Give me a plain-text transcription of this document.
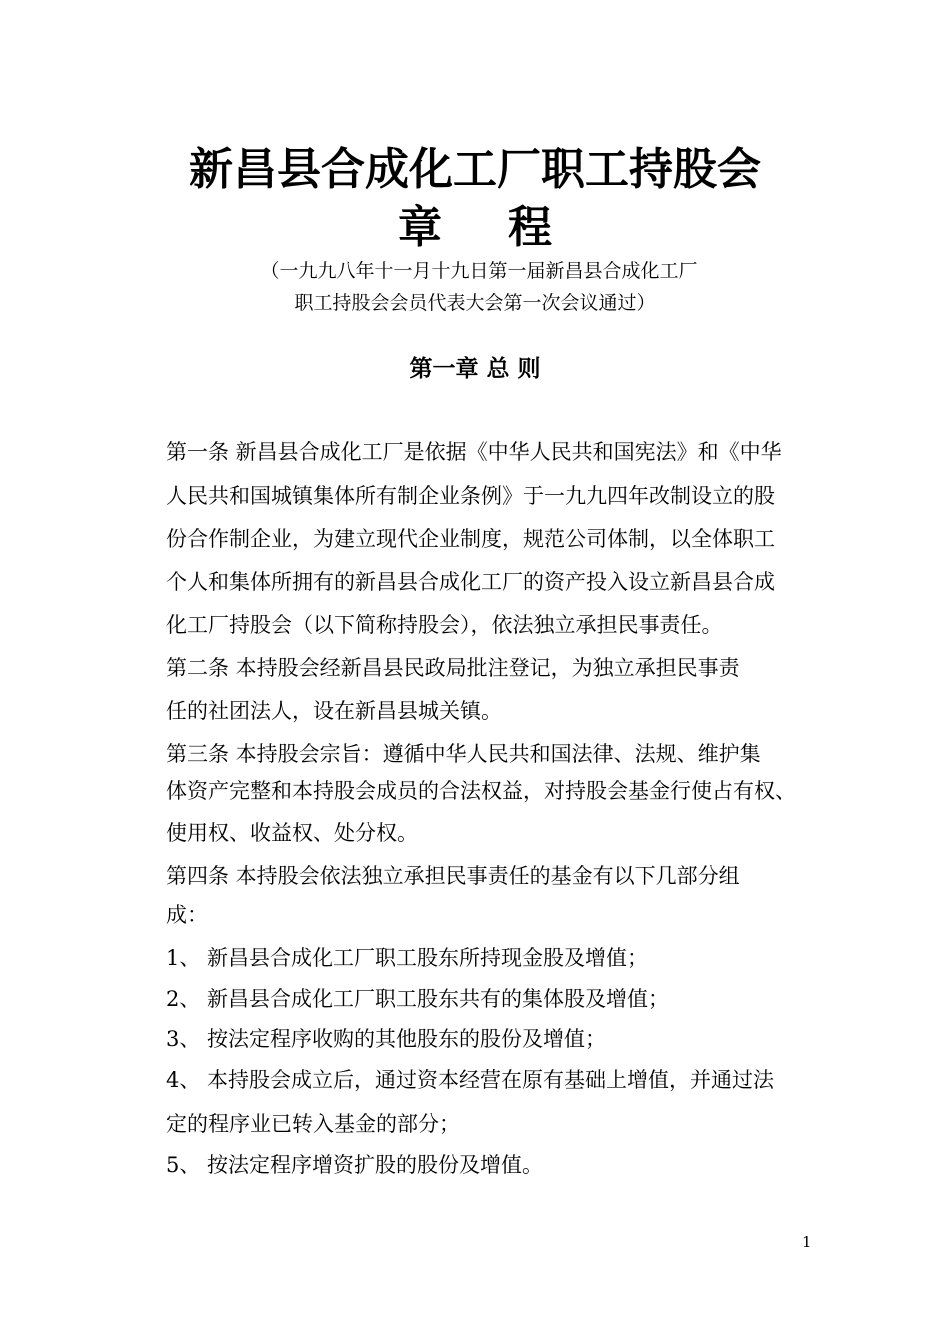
新昌县合成化工厂职工持股会
章 程
（一九九八年十一月十九日第一届新昌县合成化工厂
职工持股会会员代表大会第一次会议通过）
第一章 总 则
第一条 新昌县合成化工厂是依据《中华人民共和国宪法》和《中华
人民共和国城镇集体所有制企业条例》于一九九四年改制设立的股
份合作制企业，为建立现代企业制度，规范公司体制，以全体职工
个人和集体所拥有的新昌县合成化工厂的资产投入设立新昌县合成
化工厂持股会（以下简称持股会），依法独立承担民事责任。
第二条 本持股会经新昌县民政局批注登记，为独立承担民事责
任的社团法人，设在新昌县城关镇。
第三条 本持股会宗旨：遵循中华人民共和国法律、法规、维护集
体资产完整和本持股会成员的合法权益，对持股会基金行使占有权、
使用权、收益权、处分权。
第四条 本持股会依法独立承担民事责任的基金有以下几部分组
成：
1、 新昌县合成化工厂职工股东所持现金股及增值；
2、 新昌县合成化工厂职工股东共有的集体股及增值；
3、 按法定程序收购的其他股东的股份及增值；
4、 本持股会成立后，通过资本经营在原有基础上增值，并通过法
定的程序业已转入基金的部分；
5、 按法定程序增资扩股的股份及增值。
1
